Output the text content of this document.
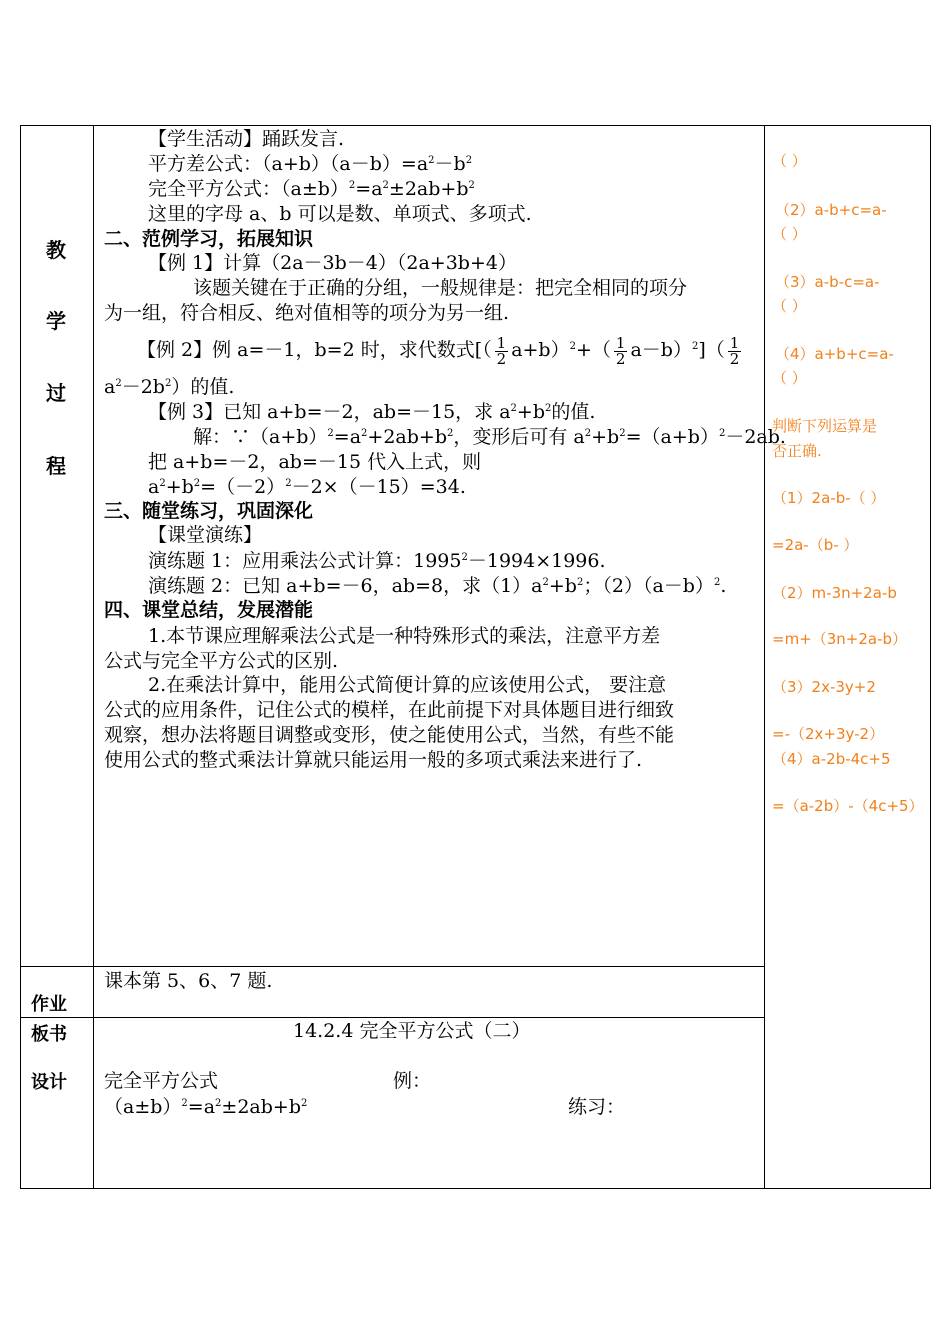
教
学
过
程
作业
板书
设计
【学生活动】踊跃发言.
平方差公式：$(a+b)(a-b)=a^2-b^2$
完全平方公式：$(a\pm b)^2=a^2\pm 2ab+b^2$
这里的字母 a、b 可以是数、单项式、多项式.
二、范例学习，拓展知识
【例 1】计算（2a－3b－4）（2a+3b+4）
该题关键在于正确的分组，一般规律是：把完全相同的项分
为一组，符合相反、绝对值相等的项分为另一组.
【例 2】例 a=－1，b=2 时，求代数式[（ $\frac{1}{2} a+b)^2+( \frac{1}{2} a-b)^2]( \frac{1}{2}$
$a^2-2b^2$）的值.
【例 3】已知 a+b=－2，ab=－15，求 $a^2+b^2$的值.
解：$\because(a+b)^2=a^2+2ab+b^2$，变形后可有 $a^2+b^2=(a+b)^2-2ab$.
把 a+b=－2，ab=－15 代入上式，则
$a^2+b^2=(-2)^2-2\times(-15)=34$.
三、随堂练习，巩固深化
【课堂演练】
演练题 1：应用乘法公式计算：$1995^2-1994\times 1996$.
演练题 2：已知 a+b=－6，ab=8，求$(1)a^2+b^2$；$(2)(a-b)^2$.
四、课堂总结，发展潜能
1.本节课应理解乘法公式是一种特殊形式的乘法，注意平方差
公式与完全平方公式的区别.
2.在乘法计算中，能用公式简便计算的应该使用公式， 要注意
公式的应用条件，记住公式的模样，在此前提下对具体题目进行细致
观察，想办法将题目调整或变形，使之能使用公式，当然，有些不能
使用公式的整式乘法计算就只能运用一般的多项式乘法来进行了.
课本第 5、6、7 题.
14.2.4 完全平方公式（二）
完全平方公式	例：
$(a\pm b)^2=a^2\pm 2ab+b^2$	练习：
（ ）
（2）a-b+c=a-
（ ）
（3）a-b-c=a-
（ ）
（4）a+b+c=a-
（ ）
判断下列运算是
否正确.
（1）2a-b-（ ）
=2a-（b- ）
（2）m-3n+2a-b
=m+（3n+2a-b）
（3）2x-3y+2
=-（2x+3y-2）
（4）a-2b-4c+5
=（a-2b）-（4c+5）
